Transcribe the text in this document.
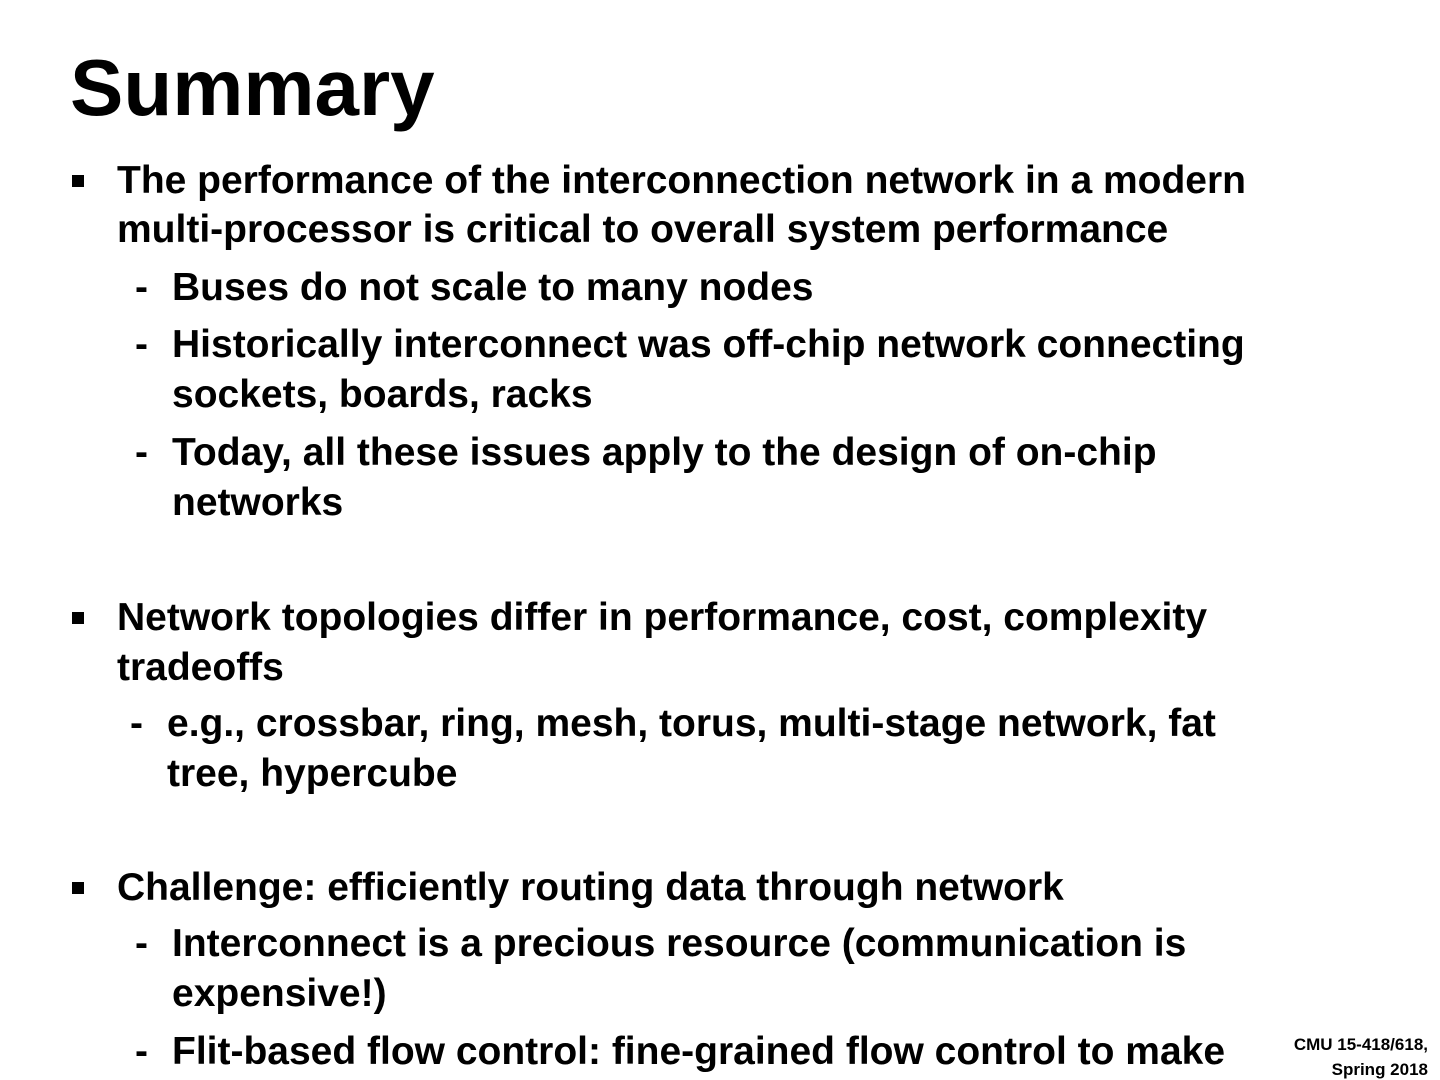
Summary
The performance of the interconnection network in a modern
multi-processor is critical to overall system performance
- Buses do not scale to many nodes
- Historically interconnect was off-chip network connecting
sockets, boards, racks
- Today, all these issues apply to the design of on-chip
networks
Network topologies differ in performance, cost, complexity
tradeoffs
- e.g., crossbar, ring, mesh, torus, multi-stage network, fat
tree, hypercube
Challenge: efficiently routing data through network
- Interconnect is a precious resource (communication is
expensive!)
- Flit-based flow control: fine-grained flow control to make	CMU 15-418/618,
Spring 2018
